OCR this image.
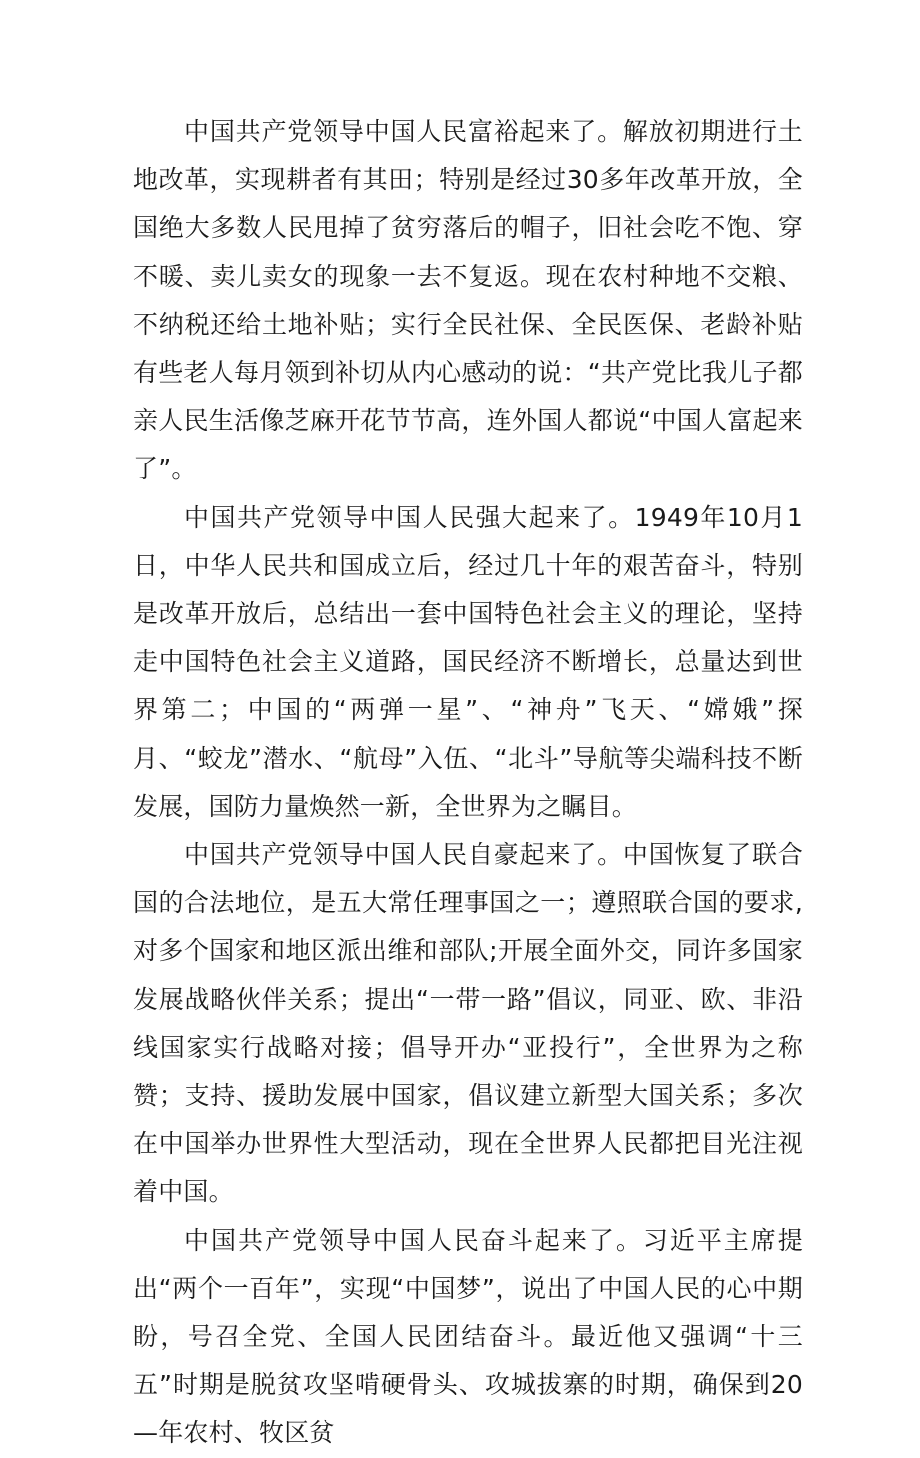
中国共产党领导中国人民富裕起来了。解放初期进行土地改革，实现耕者有其田；特别是经过30多年改革开放，全国绝大多数人民甩掉了贫穷落后的帽子，旧社会吃不饱、穿不暖、卖儿卖女的现象一去不复返。现在农村种地不交粮、不纳税还给土地补贴；实行全民社保、全民医保、老龄补贴有些老人每月领到补切从内心感动的说：“共产党比我儿子都亲人民生活像芝麻开花节节高，连外国人都说“中国人富起来了”。

中国共产党领导中国人民强大起来了。1949年10月1日，中华人民共和国成立后，经过几十年的艰苦奋斗，特别是改革开放后，总结出一套中国特色社会主义的理论，坚持走中国特色社会主义道路，国民经济不断增长，总量达到世界第二；中国的“两弹一星”、“神舟”飞天、“嫦娥”探月、“蛟龙”潜水、“航母”入伍、“北斗”导航等尖端科技不断发展，国防力量焕然一新，全世界为之瞩目。

中国共产党领导中国人民自豪起来了。中国恢复了联合国的合法地位，是五大常任理事国之一；遵照联合国的要求,对多个国家和地区派出维和部队;开展全面外交，同许多国家发展战略伙伴关系；提出“一带一路”倡议，同亚、欧、非沿线国家实行战略对接；倡导开办“亚投行”，全世界为之称赞；支持、援助发展中国家，倡议建立新型大国关系；多次在中国举办世界性大型活动，现在全世界人民都把目光注视着中国。

中国共产党领导中国人民奋斗起来了。习近平主席提出“两个一百年”，实现“中国梦”，说出了中国人民的心中期盼，号召全党、全国人民团结奋斗。最近他又强调“十三五”时期是脱贫攻坚啃硬骨头、攻城拔寨的时期，确保到20—年农村、牧区贫
